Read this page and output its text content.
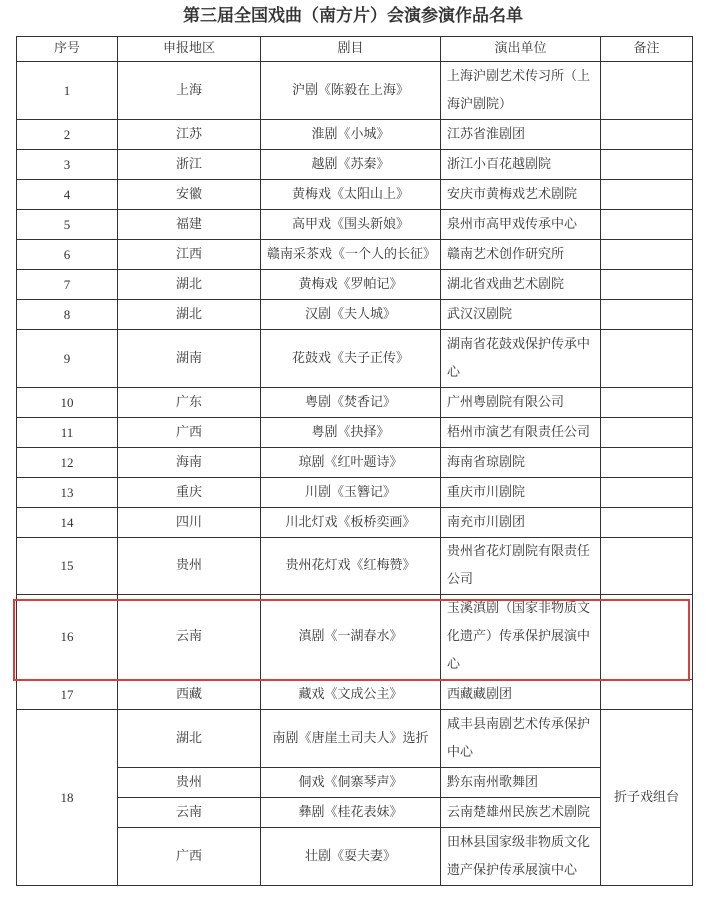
第三届全国戏曲（南方片）会演参演作品名单
序号	申报地区	剧目	演出单位	备注
1	上海	沪剧《陈毅在上海》	上海沪剧艺术传习所（上海沪剧院）	
2	江苏	淮剧《小城》	江苏省淮剧团	
3	浙江	越剧《苏秦》	浙江小百花越剧院	
4	安徽	黄梅戏《太阳山上》	安庆市黄梅戏艺术剧院	
5	福建	高甲戏《围头新娘》	泉州市高甲戏传承中心	
6	江西	赣南采茶戏《一个人的长征》	赣南艺术创作研究所	
7	湖北	黄梅戏《罗帕记》	湖北省戏曲艺术剧院	
8	湖北	汉剧《夫人城》	武汉汉剧院	
9	湖南	花鼓戏《夫子正传》	湖南省花鼓戏保护传承中心	
10	广东	粤剧《焚香记》	广州粤剧院有限公司	
11	广西	粤剧《抉择》	梧州市演艺有限责任公司	
12	海南	琼剧《红叶题诗》	海南省琼剧院	
13	重庆	川剧《玉簪记》	重庆市川剧院	
14	四川	川北灯戏《板桥奕画》	南充市川剧团	
15	贵州	贵州花灯戏《红梅赞》	贵州省花灯剧院有限责任公司	
16	云南	滇剧《一湖春水》	玉溪滇剧（国家非物质文化遗产）传承保护展演中心	
17	西藏	藏戏《文成公主》	西藏藏剧团	
18	湖北	南剧《唐崖土司夫人》选折	咸丰县南剧艺术传承保护中心	折子戏组台
	贵州	侗戏《侗寨琴声》	黔东南州歌舞团	
	云南	彝剧《桂花表妹》	云南楚雄州民族艺术剧院	
	广西	壮剧《耍夫妻》	田林县国家级非物质文化遗产保护传承展演中心	
